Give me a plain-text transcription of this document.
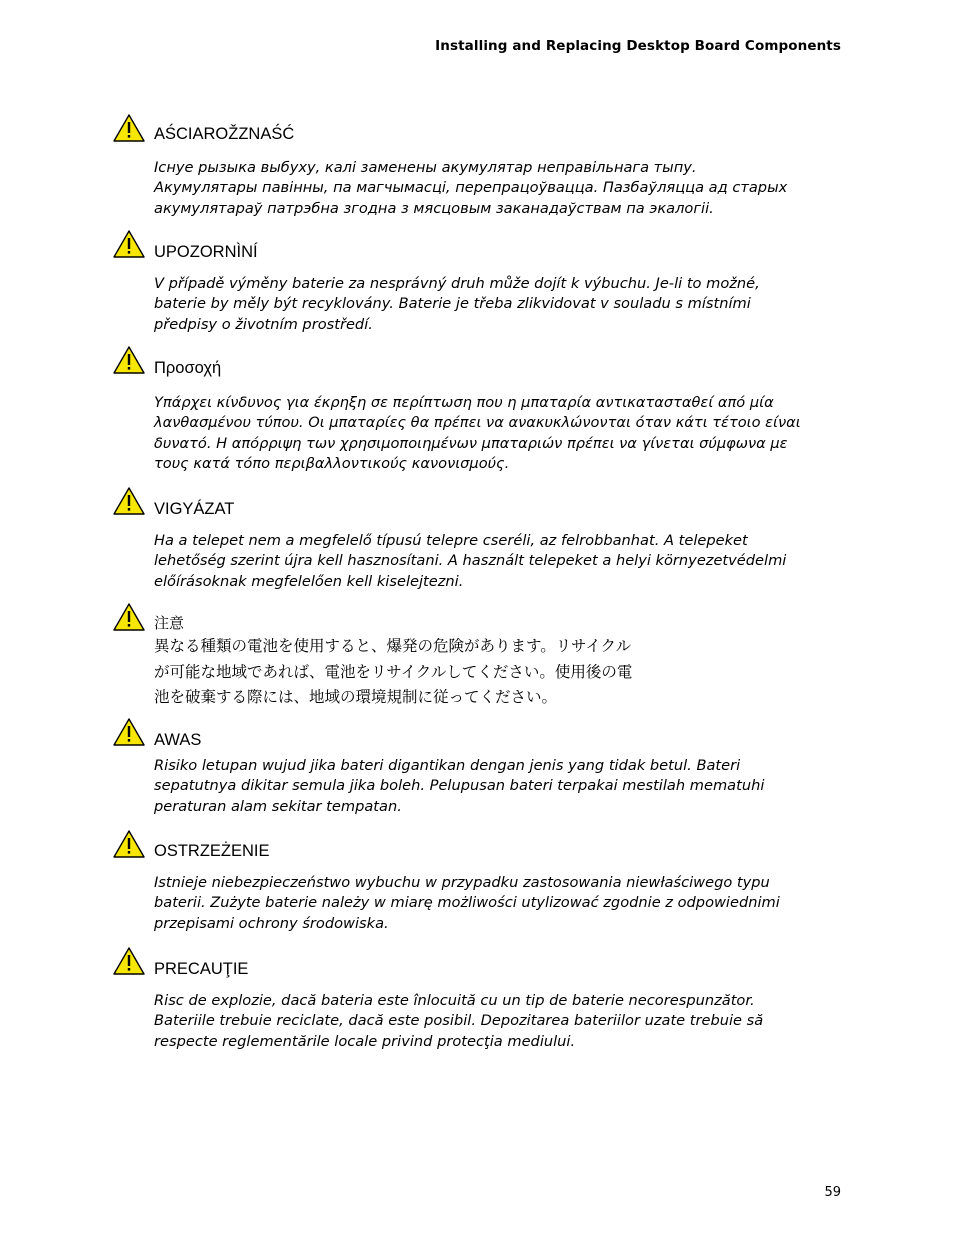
Installing and Replacing Desktop Board Components
AŚCIAROŽZNAŚĆ
Існуе рызыка выбуху, калі заменены акумулятар неправільнага тыпу.
Акумулятары павінны, па магчымасці, перепрацоўвацца. Пазбаўляцца ад старых
акумулятараў патрэбна згодна з мясцовым заканадаўствам па экалогіі.
UPOZORNÌNÍ
V případě výměny baterie za nesprávný druh může dojít k výbuchu. Je-li to možné,
baterie by měly být recyklovány. Baterie je třeba zlikvidovat v souladu s místními
předpisy o životním prostředí.
Προσοχή
Υπάρχει κίνδυνος για έκρηξη σε περίπτωση που η μπαταρία αντικατασταθεί από μία
λανθασμένου τύπου. Οι μπαταρίες θα πρέπει να ανακυκλώνονται όταν κάτι τέτοιο είναι
δυνατό. Η απόρριψη των χρησιμοποιημένων μπαταριών πρέπει να γίνεται σύμφωνα με
τους κατά τόπο περιβαλλοντικούς κανονισμούς.
VIGYÁZAT
Ha a telepet nem a megfelelő típusú telepre cseréli, az felrobbanhat. A telepeket
lehetőség szerint újra kell hasznosítani. A használt telepeket a helyi környezetvédelmi
előírásoknak megfelelően kell kiselejtezni.
注意
異なる種類の電池を使用すると、爆発の危険があります。リサイクル
が可能な地域であれば、電池をリサイクルしてください。使用後の電
池を破棄する際には、地域の環境規制に従ってください。
AWAS
Risiko letupan wujud jika bateri digantikan dengan jenis yang tidak betul. Bateri
sepatutnya dikitar semula jika boleh. Pelupusan bateri terpakai mestilah mematuhi
peraturan alam sekitar tempatan.
OSTRZEŻENIE
Istnieje niebezpieczeństwo wybuchu w przypadku zastosowania niewłaściwego typu
baterii. Zużyte baterie należy w miarę możliwości utylizować zgodnie z odpowiednimi
przepisami ochrony środowiska.
PRECAUŢIE
Risc de explozie, dacă bateria este înlocuită cu un tip de baterie necorespunzător.
Bateriile trebuie reciclate, dacă este posibil. Depozitarea bateriilor uzate trebuie să
respecte reglementările locale privind protecţia mediului.
59
